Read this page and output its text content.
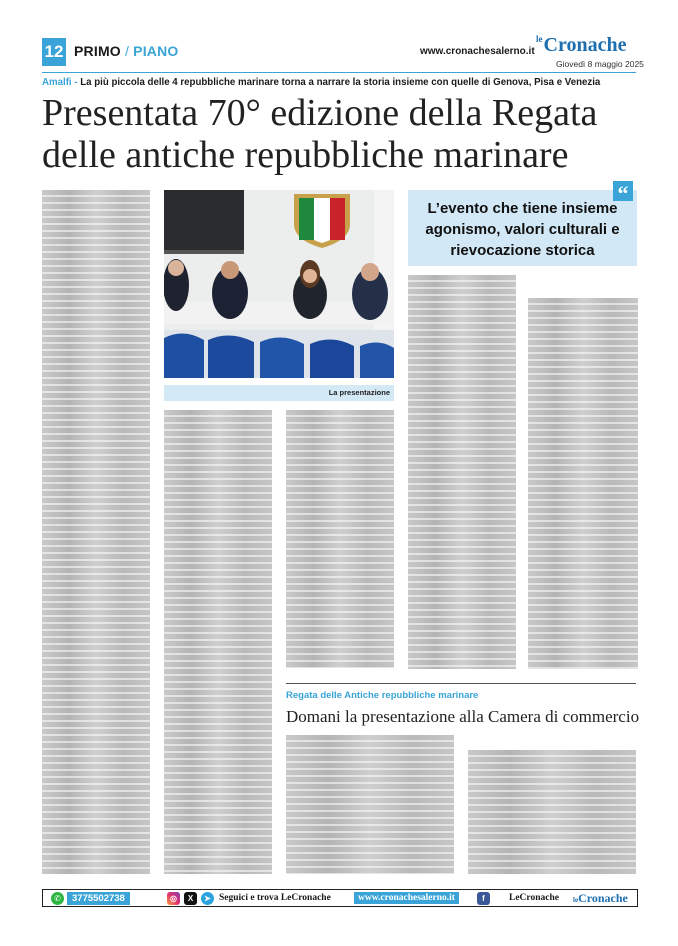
12 PRIMO / PIANO	www.cronachesalerno.it
$^{le}$Cronache
Giovedì 8 maggio 2025
Amalfi - La più piccola delle 4 repubbliche marinare torna a narrare la storia insieme con quelle di Genova, Pisa e Venezia
Presentata 70° edizione della Regata delle antiche repubbliche marinare
La presentazione
“
L’evento che tiene insieme agonismo, valori culturali e rievocazione storica
Regata delle Antiche repubbliche marinare
Domani la presentazione alla Camera di commercio
✆	3775502738	◎	X	➤ Seguici e trova LeCronache	www.cronachesalerno.it	f	LeCronache leCronache
